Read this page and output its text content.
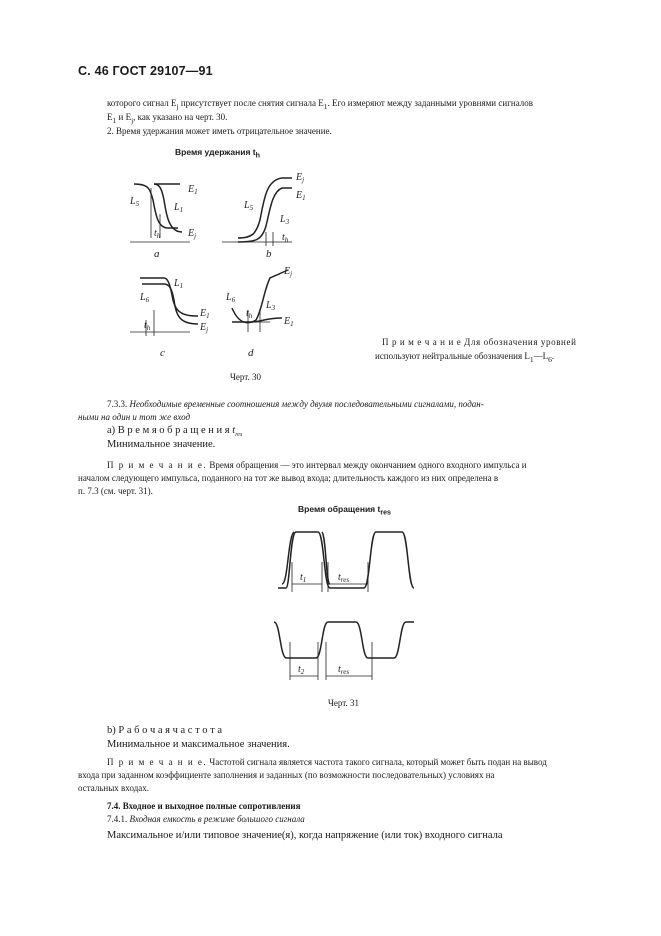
С. 46 ГОСТ 29107—91
которого сигнал $E_j$ присутствует после снятия сигнала $E_1$. Его измеряют между заданными уровнями сигналов
$E_1$ и $E_j$, как указано на черт. 30.
2. Время удержания может иметь отрицательное значение.
Время удержания $t_h$
$L_5$	$L_1$
$E_1$
$E_j$
$t_h$
a
$L_5$
$L_3$
$E_j$
$E_1$
$t_h$
b
$L_6$
$L_1$
$E_1$
$E_j$
$t_h$
c
$L_6$	$L_3$
$E_j$
$E_1$
$t_h$
d
Черт. 30
П р и м е ч а н и е Для обозначения уровней
используют нейтральные обозначения $L_1—L_6$.
7.3.3. Необходимые временные соотношения между двумя последовательными сигналами, подан-
ными на один и тот же вход
а) В р е м я о б р а щ е н и я $t_{res}$
Минимальное значение.
П р и м е ч а н и е. Время обращения — это интервал между окончанием одного входного импульса и
началом следующего импульса, поданного на тот же вывод входа; длительность каждого из них определена в
п. 7.3 (см. черт. 31).
Время обращения $t_{res}$
$t_1$	$t_{res}$
$t_2$	$t_{res}$
Черт. 31
b) Р а б о ч а я ч а с т о т а
Минимальное и максимальное значения.
П р и м е ч а н и е. Частотой сигнала является частота такого сигнала, который может быть подан на вывод
входа при заданном коэффициенте заполнения и заданных (по возможности последовательных) условиях на
остальных входах.
7.4. Входное и выходное полные сопротивления
7.4.1. Входная емкость в режиме большого сигнала
Максимальное и/или типовое значение(я), когда напряжение (или ток) входного сигнала
